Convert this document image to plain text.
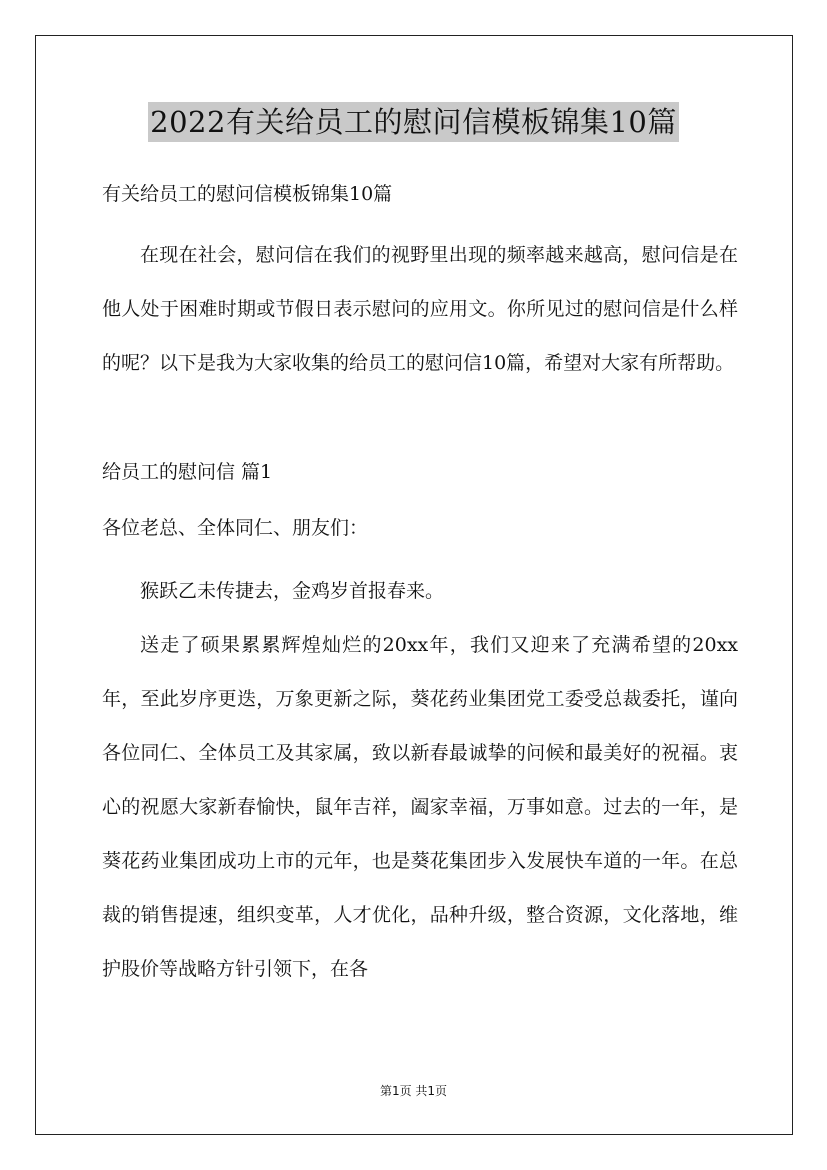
2022有关给员工的慰问信模板锦集10篇

有关给员工的慰问信模板锦集10篇

在现在社会，慰问信在我们的视野里出现的频率越来越高，慰问信是在他人处于困难时期或节假日表示慰问的应用文。你所见过的慰问信是什么样的呢？以下是我为大家收集的给员工的慰问信10篇，希望对大家有所帮助。

给员工的慰问信 篇1

各位老总、全体同仁、朋友们：

猴跃乙未传捷去，金鸡岁首报春来。

送走了硕果累累辉煌灿烂的20xx年，我们又迎来了充满希望的20xx年，至此岁序更迭，万象更新之际，葵花药业集团党工委受总裁委托，谨向各位同仁、全体员工及其家属，致以新春最诚挚的问候和最美好的祝福。衷心的祝愿大家新春愉快，鼠年吉祥，阖家幸福，万事如意。过去的一年，是葵花药业集团成功上市的元年，也是葵花集团步入发展快车道的一年。在总裁的销售提速，组织变革，人才优化，品种升级，整合资源，文化落地，维护股价等战略方针引领下，在各

第1页 共1页
